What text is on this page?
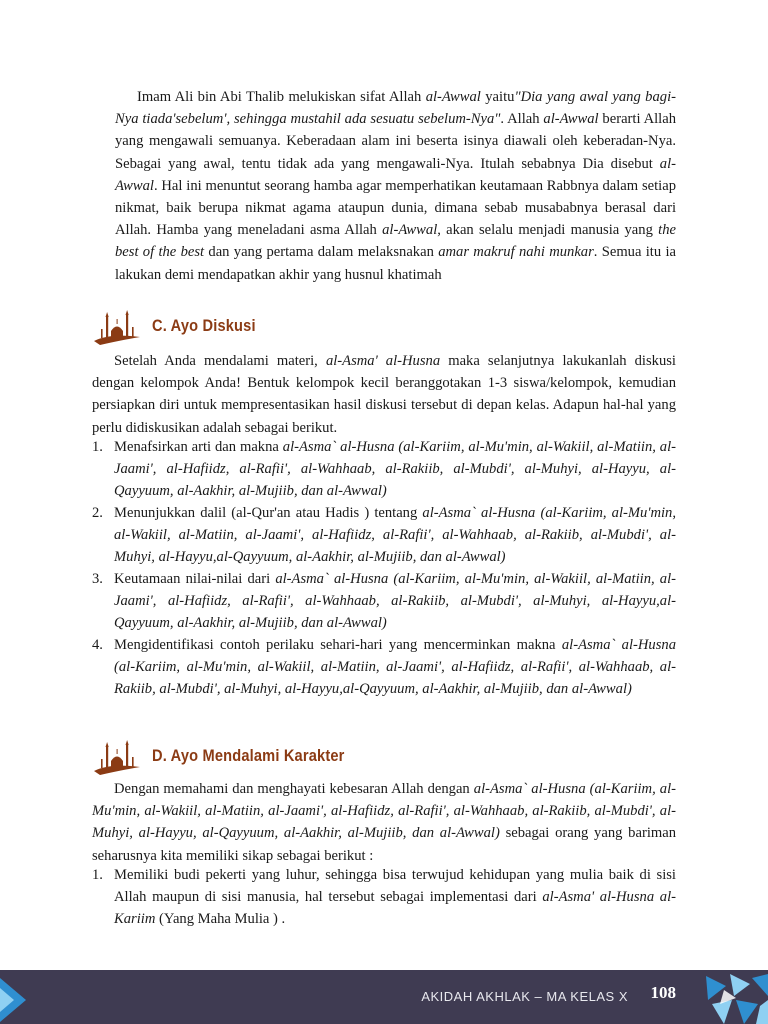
Imam Ali bin Abi Thalib melukiskan sifat Allah al-Awwal yaitu"Dia yang awal yang bagi-Nya tiada'sebelum', sehingga mustahil ada sesuatu sebelum-Nya". Allah al-Awwal berarti Allah yang mengawali semuanya. Keberadaan alam ini beserta isinya diawali oleh keberadan-Nya. Sebagai yang awal, tentu tidak ada yang mengawali-Nya. Itulah sebabnya Dia disebut al-Awwal. Hal ini menuntut seorang hamba agar memperhatikan keutamaan Rabbnya dalam setiap nikmat, baik berupa nikmat agama ataupun dunia, dimana sebab musababnya berasal dari Allah. Hamba yang meneladani asma Allah al-Awwal, akan selalu menjadi manusia yang the best of the best dan yang pertama dalam melaksnakan amar makruf nahi munkar. Semua itu ia lakukan demi mendapatkan akhir yang husnul khatimah

C. Ayo Diskusi

Setelah Anda mendalami materi, al-Asma' al-Husna maka selanjutnya lakukanlah diskusi dengan kelompok Anda! Bentuk kelompok kecil beranggotakan 1-3 siswa/kelompok, kemudian persiapkan diri untuk mempresentasikan hasil diskusi tersebut di depan kelas. Adapun hal-hal yang perlu didiskusikan adalah sebagai berikut.

1. Menafsirkan arti dan makna al-Asma` al-Husna (al-Kariim, al-Mu'min, al-Wakiil, al-Matiin, al-Jaami', al-Hafiidz, al-Rafii', al-Wahhaab, al-Rakiib, al-Mubdi', al-Muhyi, al-Hayyu, al-Qayyuum, al-Aakhir, al-Mujiib, dan al-Awwal)
2. Menunjukkan dalil (al-Qur'an atau Hadis ) tentang al-Asma` al-Husna (al-Kariim, al-Mu'min, al-Wakiil, al-Matiin, al-Jaami', al-Hafiidz, al-Rafii', al-Wahhaab, al-Rakiib, al-Mubdi', al-Muhyi, al-Hayyu,al-Qayyuum, al-Aakhir, al-Mujiib, dan al-Awwal)
3. Keutamaan nilai-nilai dari al-Asma` al-Husna (al-Kariim, al-Mu'min, al-Wakiil, al-Matiin, al-Jaami', al-Hafiidz, al-Rafii', al-Wahhaab, al-Rakiib, al-Mubdi', al-Muhyi, al-Hayyu,al-Qayyuum, al-Aakhir, al-Mujiib, dan al-Awwal)
4. Mengidentifikasi contoh perilaku sehari-hari yang mencerminkan makna al-Asma` al-Husna (al-Kariim, al-Mu'min, al-Wakiil, al-Matiin, al-Jaami', al-Hafiidz, al-Rafii', al-Wahhaab, al-Rakiib, al-Mubdi', al-Muhyi, al-Hayyu,al-Qayyuum, al-Aakhir, al-Mujiib, dan al-Awwal)
D. Ayo Mendalami Karakter

Dengan memahami dan menghayati kebesaran Allah dengan al-Asma` al-Husna (al-Kariim, al-Mu'min, al-Wakiil, al-Matiin, al-Jaami', al-Hafiidz, al-Rafii', al-Wahhaab, al-Rakiib, al-Mubdi', al-Muhyi, al-Hayyu, al-Qayyuum, al-Aakhir, al-Mujiib, dan al-Awwal) sebagai orang yang bariman seharusnya kita memiliki sikap sebagai berikut :

1. Memiliki budi pekerti yang luhur, sehingga bisa terwujud kehidupan yang mulia baik di sisi Allah maupun di sisi manusia, hal tersebut sebagai implementasi dari al-Asma' al-Husna al-Kariim (Yang Maha Mulia ) .
AKIDAH AKHLAK – MA KELAS X 108
